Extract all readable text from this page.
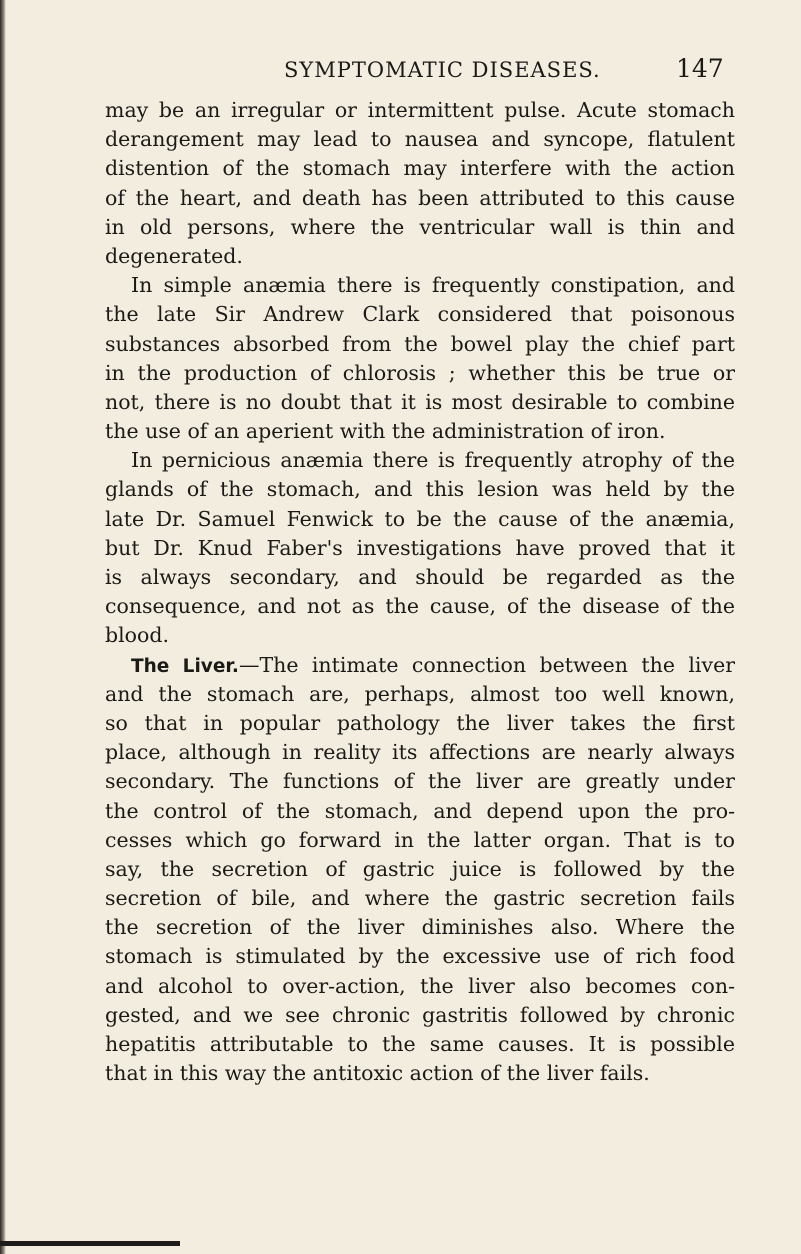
SYMPTOMATIC DISEASES.	147
may be an irregular or intermittent pulse. Acute stomach
derangement may lead to nausea and syncope, flatulent
distention of the stomach may interfere with the action
of the heart, and death has been attributed to this cause
in old persons, where the ventricular wall is thin and
degenerated.
In simple anæmia there is frequently constipation, and
the late Sir Andrew Clark considered that poisonous
substances absorbed from the bowel play the chief part
in the production of chlorosis ; whether this be true or
not, there is no doubt that it is most desirable to combine
the use of an aperient with the administration of iron.
In pernicious anæmia there is frequently atrophy of the
glands of the stomach, and this lesion was held by the
late Dr. Samuel Fenwick to be the cause of the anæmia,
but Dr. Knud Faber's investigations have proved that it
is always secondary, and should be regarded as the
consequence, and not as the cause, of the disease of the
blood.
The Liver.—The intimate connection between the liver
and the stomach are, perhaps, almost too well known,
so that in popular pathology the liver takes the first
place, although in reality its affections are nearly always
secondary. The functions of the liver are greatly under
the control of the stomach, and depend upon the pro-
cesses which go forward in the latter organ. That is to
say, the secretion of gastric juice is followed by the
secretion of bile, and where the gastric secretion fails
the secretion of the liver diminishes also. Where the
stomach is stimulated by the excessive use of rich food
and alcohol to over-action, the liver also becomes con-
gested, and we see chronic gastritis followed by chronic
hepatitis attributable to the same causes. It is possible
that in this way the antitoxic action of the liver fails.
